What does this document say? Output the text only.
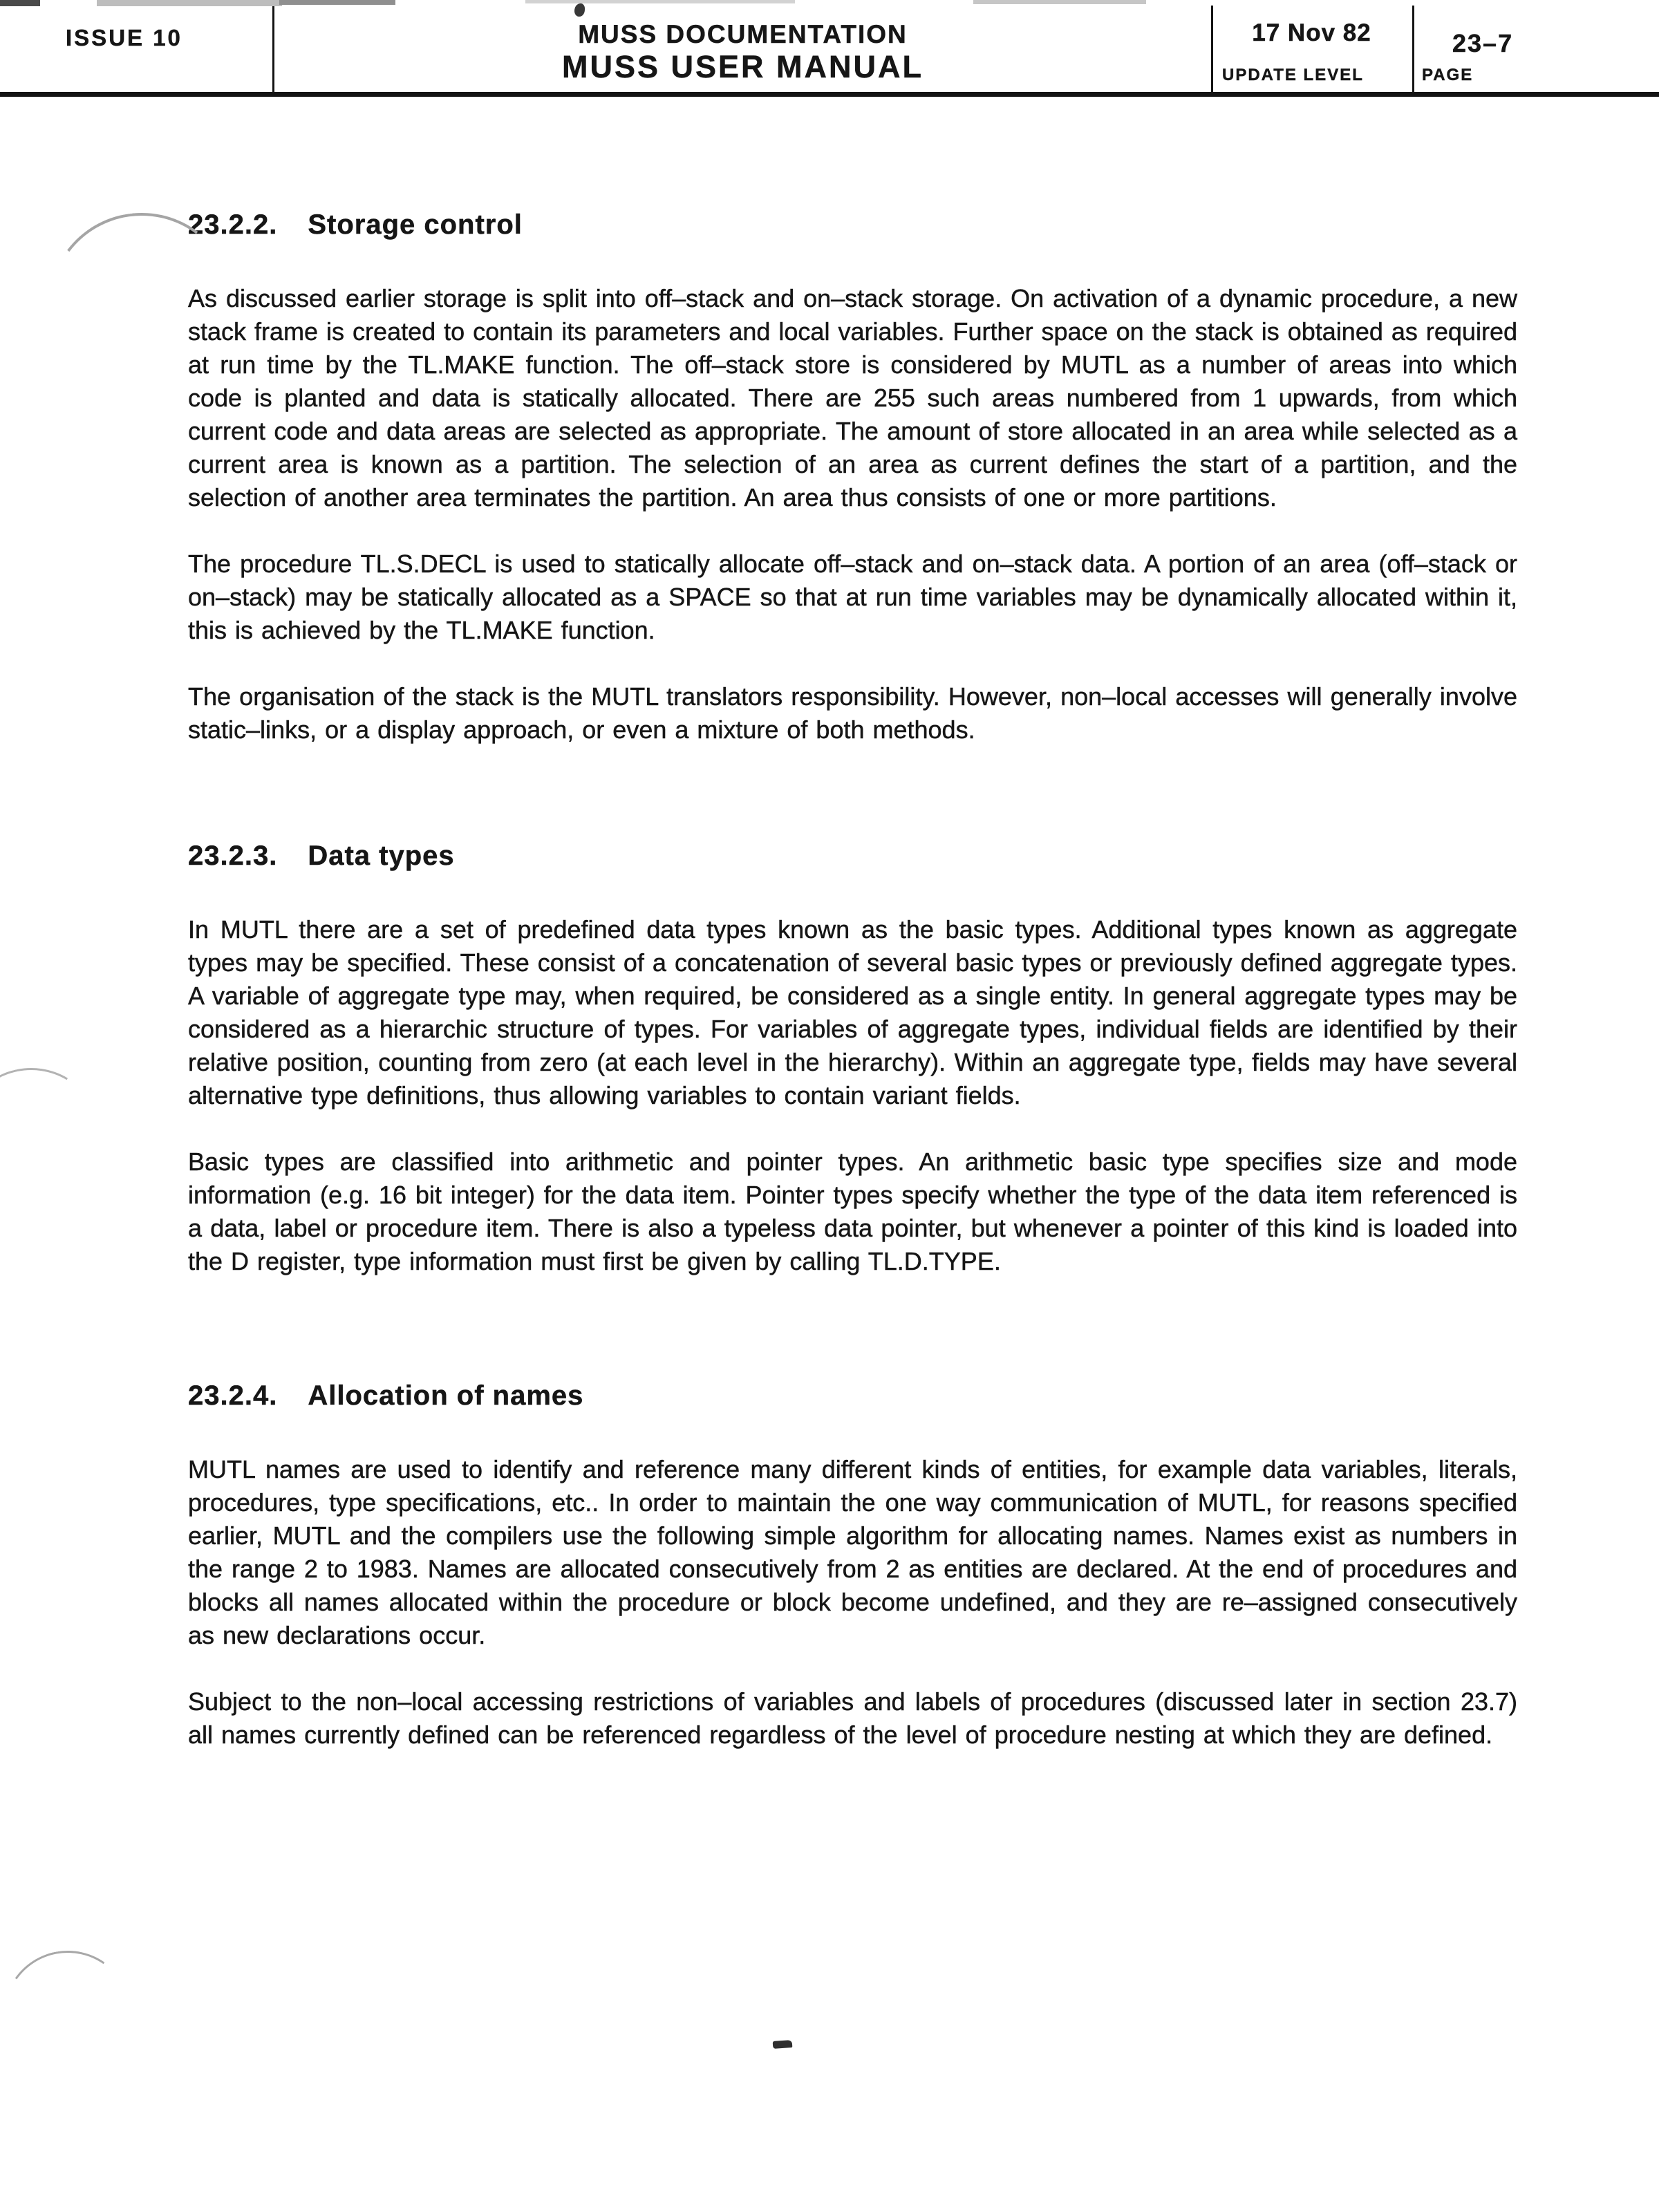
ISSUE 10	MUSS DOCUMENTATION
MUSS USER MANUAL
17 Nov 82
UPDATE LEVEL
23–7
PAGE
23.2.2. Storage control

As discussed earlier storage is split into off–stack and on–stack storage. On activation of a dynamic procedure, a new stack frame is created to contain its parameters and local variables. Further space on the stack is obtained as required at run time by the TL.MAKE function. The off–stack store is considered by MUTL as a number of areas into which code is planted and data is statically allocated. There are 255 such areas numbered from 1 upwards, from which current code and data areas are selected as appropriate. The amount of store allocated in an area while selected as a current area is known as a partition. The selection of an area as current defines the start of a partition, and the selection of another area terminates the partition. An area thus consists of one or more partitions.

The procedure TL.S.DECL is used to statically allocate off–stack and on–stack data. A portion of an area (off–stack or on–stack) may be statically allocated as a SPACE so that at run time variables may be dynamically allocated within it, this is achieved by the TL.MAKE function.

The organisation of the stack is the MUTL translators responsibility. However, non–local accesses will generally involve static–links, or a display approach, or even a mixture of both methods.

23.2.3. Data types

In MUTL there are a set of predefined data types known as the basic types. Additional types known as aggregate types may be specified. These consist of a concatenation of several basic types or previously defined aggregate types. A variable of aggregate type may, when required, be considered as a single entity. In general aggregate types may be considered as a hierarchic structure of types. For variables of aggregate types, individual fields are identified by their relative position, counting from zero (at each level in the hierarchy). Within an aggregate type, fields may have several alternative type definitions, thus allowing variables to contain variant fields.

Basic types are classified into arithmetic and pointer types. An arithmetic basic type specifies size and mode information (e.g. 16 bit integer) for the data item. Pointer types specify whether the type of the data item referenced is a data, label or procedure item. There is also a typeless data pointer, but whenever a pointer of this kind is loaded into the D register, type information must first be given by calling TL.D.TYPE.

23.2.4. Allocation of names

MUTL names are used to identify and reference many different kinds of entities, for example data variables, literals, procedures, type specifications, etc.. In order to maintain the one way communication of MUTL, for reasons specified earlier, MUTL and the compilers use the following simple algorithm for allocating names. Names exist as numbers in the range 2 to 1983. Names are allocated consecutively from 2 as entities are declared. At the end of procedures and blocks all names allocated within the procedure or block become undefined, and they are re–assigned consecutively as new declarations occur.

Subject to the non–local accessing restrictions of variables and labels of procedures (discussed later in section 23.7) all names currently defined can be referenced regardless of the level of procedure nesting at which they are defined.
